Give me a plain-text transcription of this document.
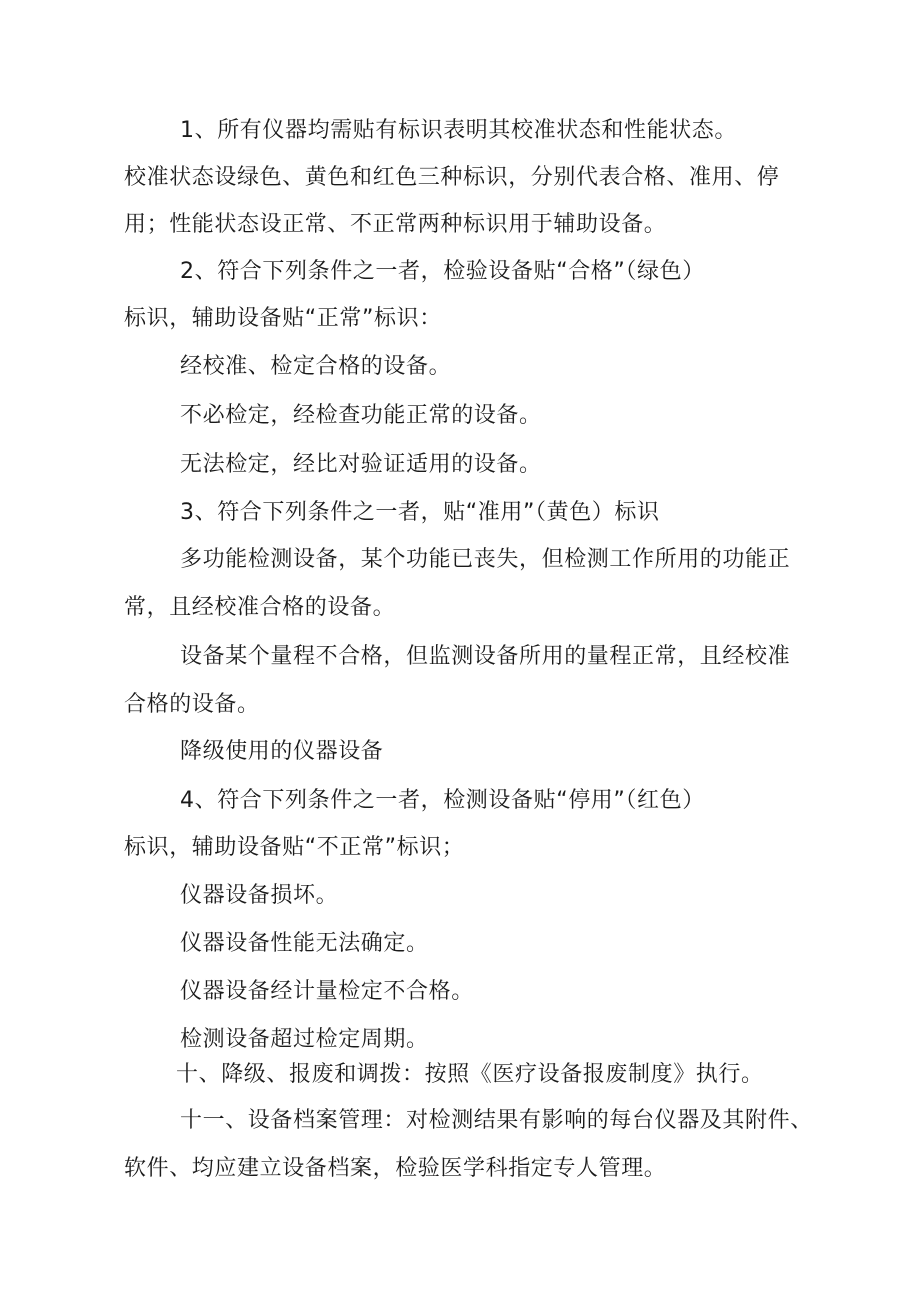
1、所有仪器均需贴有标识表明其校准状态和性能状态。
校准状态设绿色、黄色和红色三种标识，分别代表合格、准用、停
用；性能状态设正常、不正常两种标识用于辅助设备。
2、符合下列条件之一者，检验设备贴“合格”（绿色）
标识，辅助设备贴“正常”标识：
经校准、检定合格的设备。
不必检定，经检查功能正常的设备。
无法检定，经比对验证适用的设备。
3、符合下列条件之一者，贴“准用”（黄色）标识
多功能检测设备，某个功能已丧失，但检测工作所用的功能正
常，且经校准合格的设备。
设备某个量程不合格，但监测设备所用的量程正常，且经校准
合格的设备。
降级使用的仪器设备
4、符合下列条件之一者，检测设备贴“停用”（红色）
标识，辅助设备贴“不正常”标识；
仪器设备损坏。
仪器设备性能无法确定。
仪器设备经计量检定不合格。
检测设备超过检定周期。
十、降级、报废和调拨：按照《医疗设备报废制度》执行。
十一、设备档案管理：对检测结果有影响的每台仪器及其附件、
软件、均应建立设备档案，检验医学科指定专人管理。
